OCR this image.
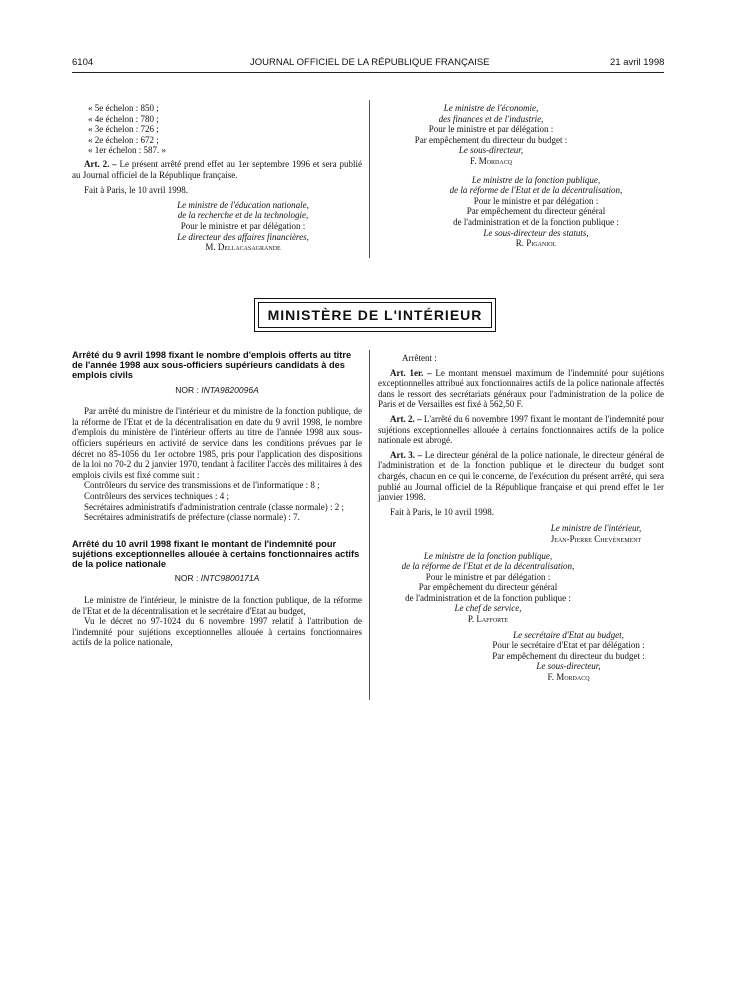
6104	JOURNAL OFFICIEL DE LA RÉPUBLIQUE FRANÇAISE	21 avril 1998

« 5e échelon : 850 ;

« 4e échelon : 780 ;

« 3e échelon : 726 ;

« 2e échelon : 672 ;

« 1er échelon : 587. »

Art. 2. – Le présent arrêté prend effet au 1er septembre 1996 et sera publié au Journal officiel de la République française.

Fait à Paris, le 10 avril 1998.

Le ministre de l'éducation nationale,

de la recherche et de la technologie,

Pour le ministre et par délégation :

Le directeur des affaires financières,

M. Dellacasagrande

Le ministre de l'économie,

des finances et de l'industrie,

Pour le ministre et par délégation :

Par empêchement du directeur du budget :

Le sous-directeur,

F. Mordacq

Le ministre de la fonction publique,

de la réforme de l'Etat et de la décentralisation,

Pour le ministre et par délégation :

Par empêchement du directeur général

de l'administration et de la fonction publique :

Le sous-directeur des statuts,

R. Piganiol

MINISTÈRE DE L'INTÉRIEUR

Arrêté du 9 avril 1998 fixant le nombre d'emplois offerts au titre de l'année 1998 aux sous-officiers supérieurs candidats à des emplois civils

NOR : INTA9820096A

Par arrêté du ministre de l'intérieur et du ministre de la fonction publique, de la réforme de l'Etat et de la décentralisation en date du 9 avril 1998, le nombre d'emplois du ministère de l'intérieur offerts au titre de l'année 1998 aux sous-officiers supérieurs en activité de service dans les conditions prévues par le décret no 85-1056 du 1er octobre 1985, pris pour l'application des dispositions de la loi no 70-2 du 2 janvier 1970, tendant à faciliter l'accès des militaires à des emplois civils est fixé comme suit :

Contrôleurs du service des transmissions et de l'informatique : 8 ;

Contrôleurs des services techniques : 4 ;

Secrétaires administratifs d'administration centrale (classe normale) : 2 ;

Secrétaires administratifs de préfecture (classe normale) : 7.

Arrêté du 10 avril 1998 fixant le montant de l'indemnité pour sujétions exceptionnelles allouée à certains fonctionnaires actifs de la police nationale

NOR : INTC9800171A

Le ministre de l'intérieur, le ministre de la fonction publique, de la réforme de l'Etat et de la décentralisation et le secrétaire d'Etat au budget,

Vu le décret no 97-1024 du 6 novembre 1997 relatif à l'attribution de l'indemnité pour sujétions exceptionnelles allouée à certains fonctionnaires actifs de la police nationale,

Arrêtent :

Art. 1er. – Le montant mensuel maximum de l'indemnité pour sujétions exceptionnelles attribué aux fonctionnaires actifs de la police nationale affectés dans le ressort des secrétariats généraux pour l'administration de la police de Paris et de Versailles est fixé à 562,50 F.

Art. 2. – L'arrêté du 6 novembre 1997 fixant le montant de l'indemnité pour sujétions exceptionnelles allouée à certains fonctionnaires actifs de la police nationale est abrogé.

Art. 3. – Le directeur général de la police nationale, le directeur général de l'administration et de la fonction publique et le directeur du budget sont chargés, chacun en ce qui le concerne, de l'exécution du présent arrêté, qui sera publié au Journal officiel de la République française et qui prend effet le 1er janvier 1998.

Fait à Paris, le 10 avril 1998.

Le ministre de l'intérieur,

Jean-Pierre Chevènement

Le ministre de la fonction publique,

de la réforme de l'Etat et de la décentralisation,

Pour le ministre et par délégation :

Par empêchement du directeur général

de l'administration et de la fonction publique :

Le chef de service,

P. Lafforte

Le secrétaire d'Etat au budget,

Pour le secrétaire d'Etat et par délégation :

Par empêchement du directeur du budget :

Le sous-directeur,

F. Mordacq
